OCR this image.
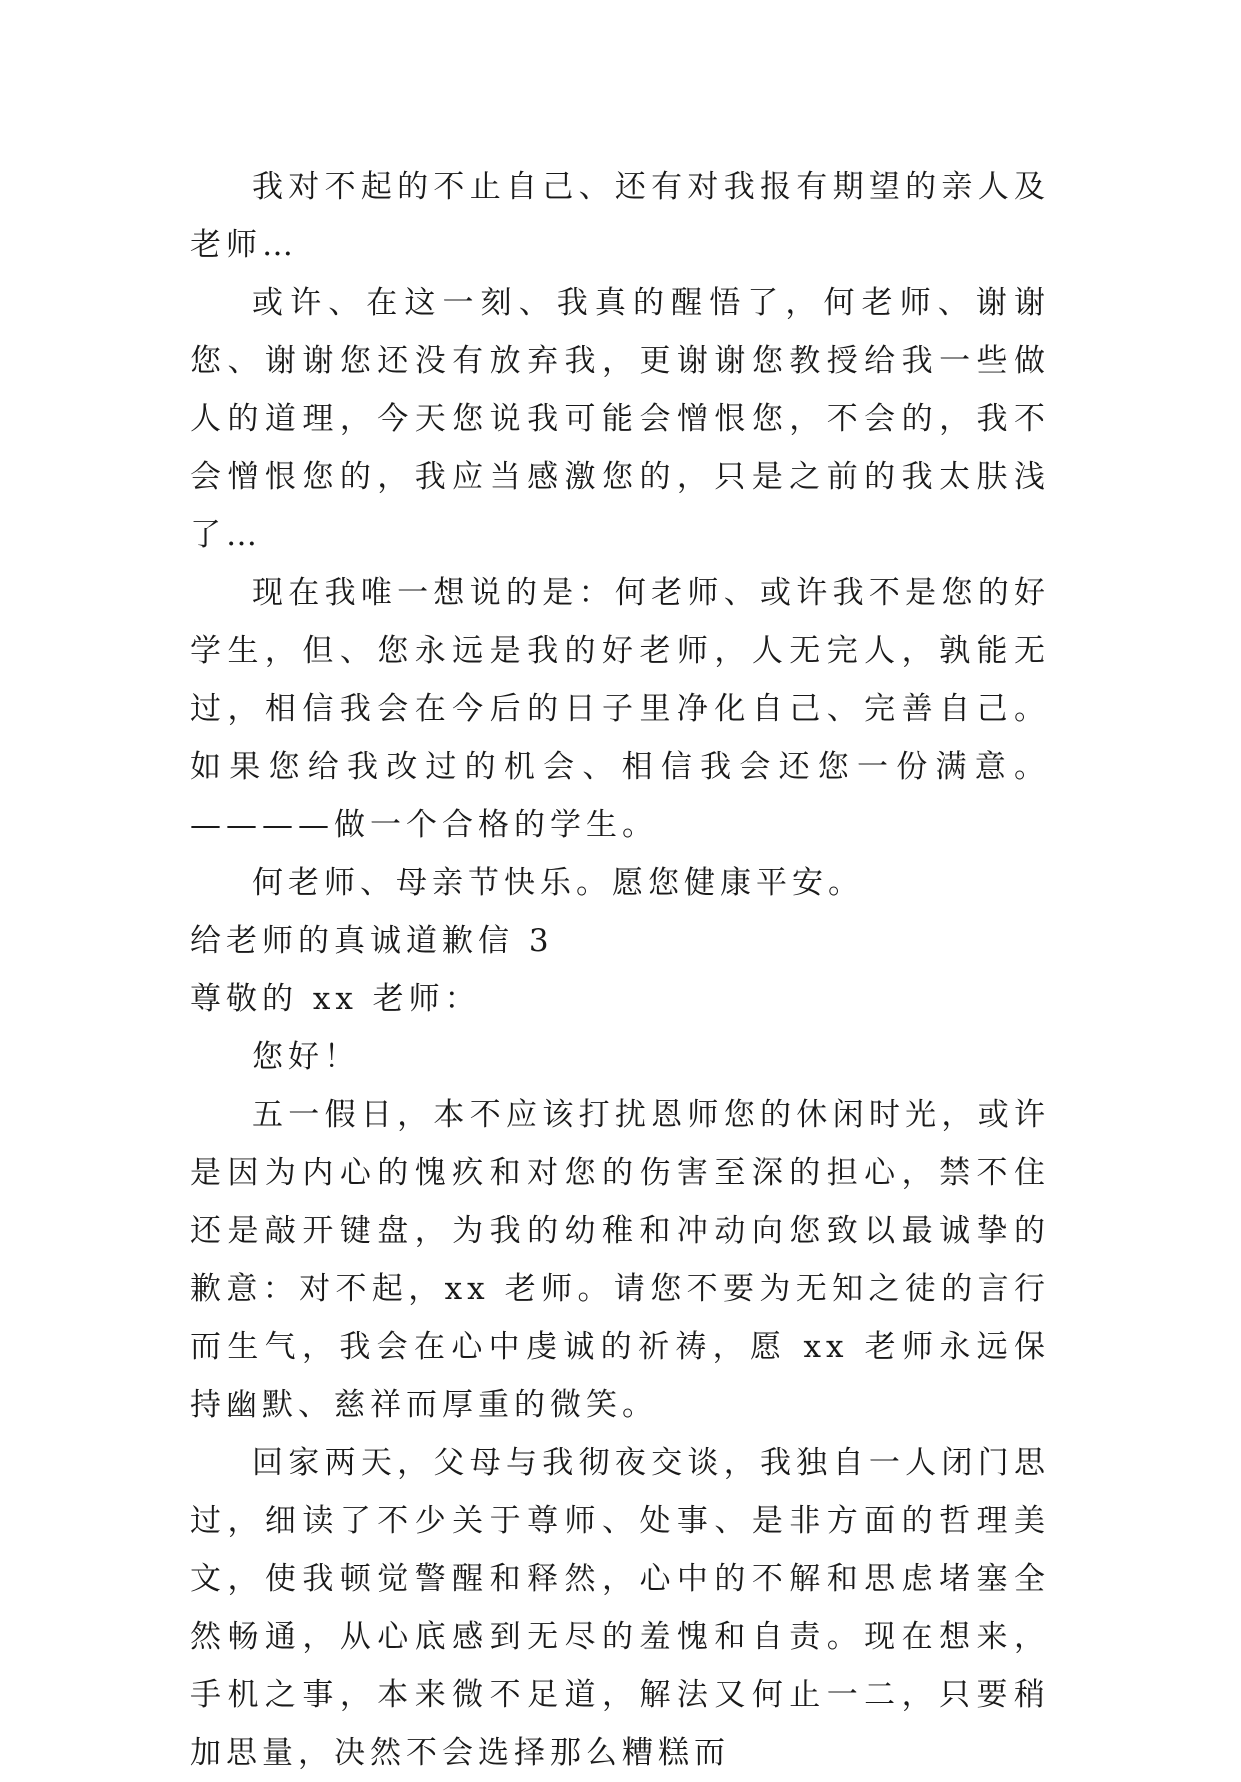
我对不起的不止自己、还有对我报有期望的亲人及老师…

或许、在这一刻、我真的醒悟了，何老师、谢谢您、谢谢您还没有放弃我，更谢谢您教授给我一些做人的道理，今天您说我可能会憎恨您，不会的，我不会憎恨您的，我应当感激您的，只是之前的我太肤浅了…

现在我唯一想说的是：何老师、或许我不是您的好学生，但、您永远是我的好老师，人无完人，孰能无过，相信我会在今后的日子里净化自己、完善自己。如果您给我改过的机会、相信我会还您一份满意。 ————做一个合格的学生。

何老师、母亲节快乐。愿您健康平安。

给老师的真诚道歉信 3

尊敬的 xx 老师：

您好！

五一假日，本不应该打扰恩师您的休闲时光，或许是因为内心的愧疚和对您的伤害至深的担心，禁不住还是敲开键盘，为我的幼稚和冲动向您致以最诚挚的歉意：对不起，xx 老师。请您不要为无知之徒的言行而生气，我会在心中虔诚的祈祷，愿 xx 老师永远保持幽默、慈祥而厚重的微笑。

回家两天，父母与我彻夜交谈，我独自一人闭门思过，细读了不少关于尊师、处事、是非方面的哲理美文，使我顿觉警醒和释然，心中的不解和思虑堵塞全然畅通，从心底感到无尽的羞愧和自责。现在想来，手机之事，本来微不足道，解法又何止一二，只要稍加思量，决然不会选择那么糟糕而
